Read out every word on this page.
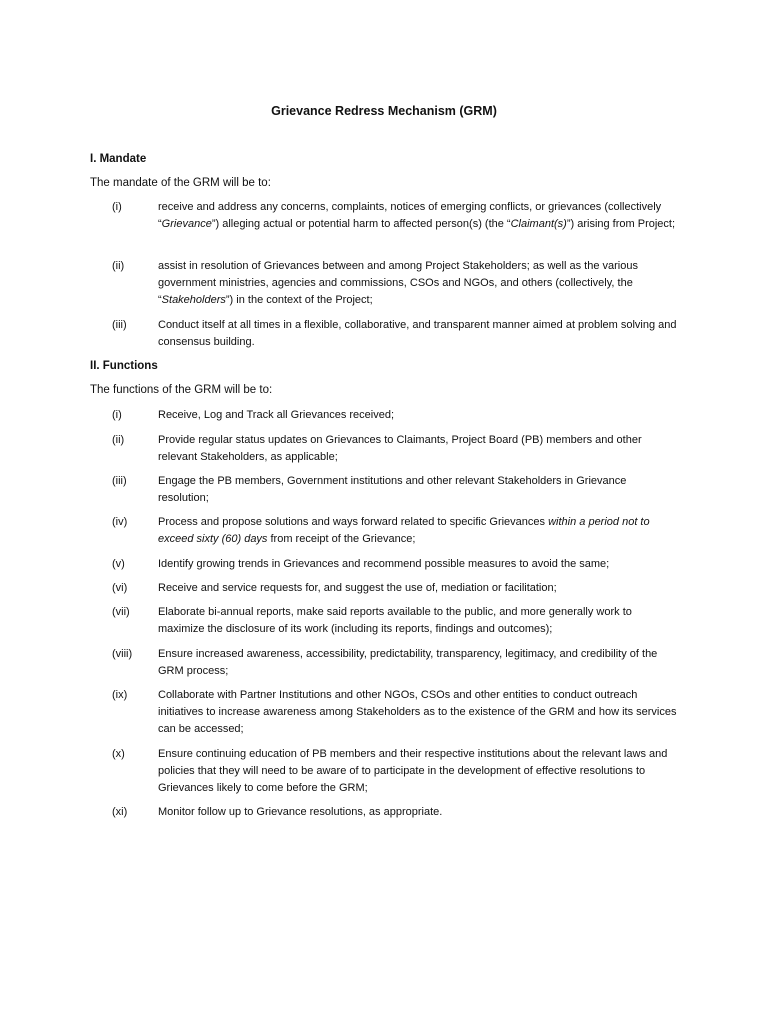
Grievance Redress Mechanism (GRM)
I. Mandate
The mandate of the GRM will be to:
(i)	receive and address any concerns, complaints, notices of emerging conflicts, or grievances (collectively “Grievance”) alleging actual or potential harm to affected person(s) (the “Claimant(s)”) arising from Project;
(ii)	assist in resolution of Grievances between and among Project Stakeholders; as well as the various government ministries, agencies and commissions, CSOs and NGOs, and others (collectively, the “Stakeholders”) in the context of the Project;
(iii)	Conduct itself at all times in a flexible, collaborative, and transparent manner aimed at problem solving and consensus building.
II. Functions
The functions of the GRM will be to:
(i)	Receive, Log and Track all Grievances received;
(ii)	Provide regular status updates on Grievances to Claimants, Project Board (PB) members and other relevant Stakeholders, as applicable;
(iii)	Engage the PB members, Government institutions and other relevant Stakeholders in Grievance resolution;
(iv)	Process and propose solutions and ways forward related to specific Grievances within a period not to exceed sixty (60) days from receipt of the Grievance;
(v)	Identify growing trends in Grievances and recommend possible measures to avoid the same;
(vi)	Receive and service requests for, and suggest the use of, mediation or facilitation;
(vii)	Elaborate bi-annual reports, make said reports available to the public, and more generally work to maximize the disclosure of its work (including its reports, findings and outcomes);
(viii) Ensure increased awareness, accessibility, predictability, transparency, legitimacy, and credibility of the GRM process;
(ix)	Collaborate with Partner Institutions and other NGOs, CSOs and other entities to conduct outreach initiatives to increase awareness among Stakeholders as to the existence of the GRM and how its services can be accessed;
(x)	Ensure continuing education of PB members and their respective institutions about the relevant laws and policies that they will need to be aware of to participate in the development of effective resolutions to Grievances likely to come before the GRM;
(xi)	Monitor follow up to Grievance resolutions, as appropriate.
